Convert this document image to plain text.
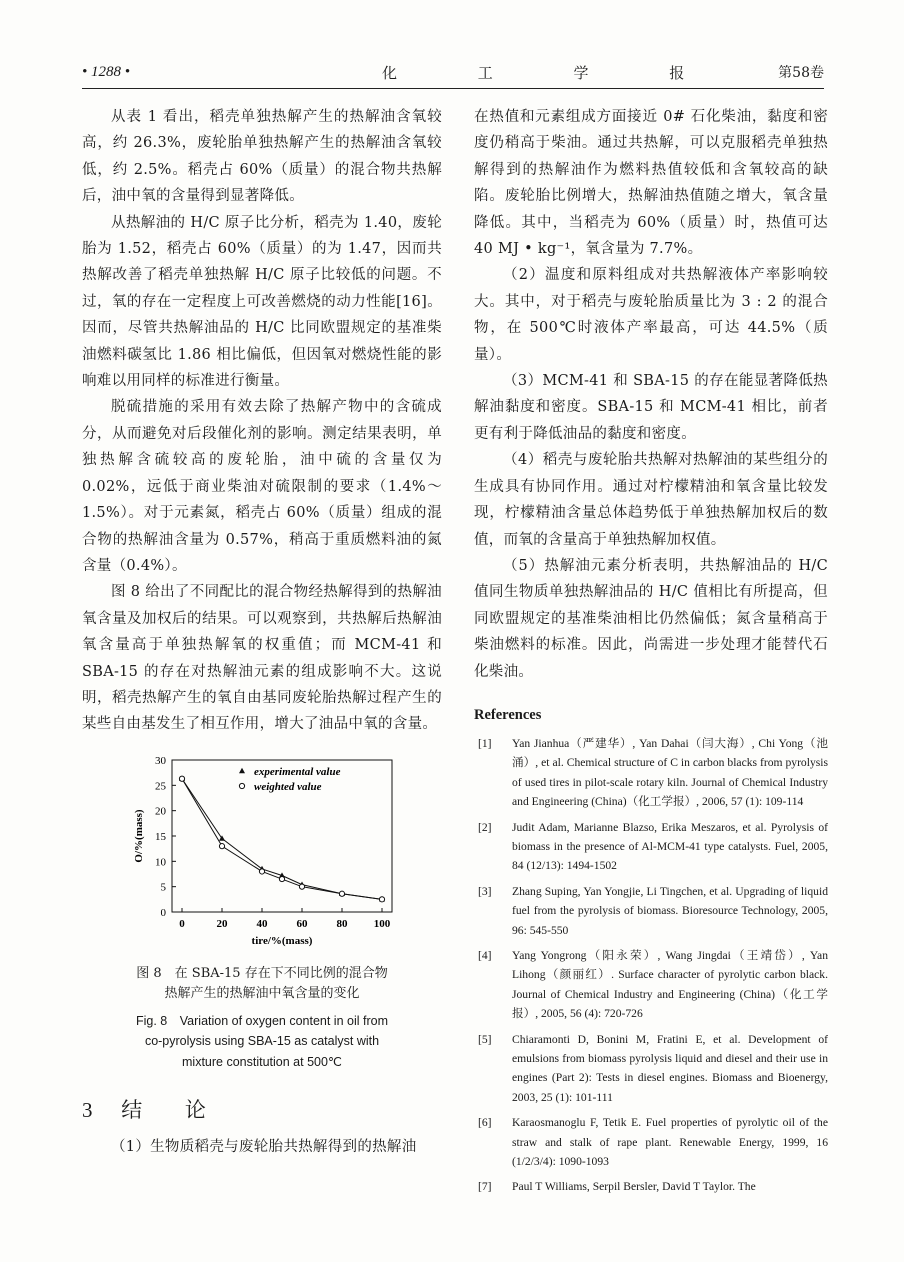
• 1288 •	化 工 学 报	第58卷

从表 1 看出，稻壳单独热解产生的热解油含氧较高，约 26.3%，废轮胎单独热解产生的热解油含氧较低，约 2.5%。稻壳占 60%（质量）的混合物共热解后，油中氧的含量得到显著降低。

从热解油的 H/C 原子比分析，稻壳为 1.40，废轮胎为 1.52，稻壳占 60%（质量）的为 1.47，因而共热解改善了稻壳单独热解 H/C 原子比较低的问题。不过，氧的存在一定程度上可改善燃烧的动力性能[16]。因而，尽管共热解油品的 H/C 比同欧盟规定的基准柴油燃料碳氢比 1.86 相比偏低，但因氧对燃烧性能的影响难以用同样的标准进行衡量。

脱硫措施的采用有效去除了热解产物中的含硫成分，从而避免对后段催化剂的影响。测定结果表明，单独热解含硫较高的废轮胎，油中硫的含量仅为 0.02%，远低于商业柴油对硫限制的要求（1.4%～1.5%）。对于元素氮，稻壳占 60%（质量）组成的混合物的热解油含量为 0.57%，稍高于重质燃料油的氮含量（0.4%）。

图 8 给出了不同配比的混合物经热解得到的热解油氧含量及加权后的结果。可以观察到，共热解后热解油氧含量高于单独热解氧的权重值；而 MCM-41 和 SBA-15 的存在对热解油元素的组成影响不大。这说明，稻壳热解产生的氧自由基同废轮胎热解过程产生的某些自由基发生了相互作用，增大了油品中氧的含量。

0
5
10
15
20
25
30
0	20	40	60	80 100
tire/%(mass)
O/%(mass)
experimental value
weighted value
图 8　在 SBA-15 存在下不同比例的混合物
热解产生的热解油中氧含量的变化
Fig. 8　Variation of oxygen content in oil from
co-pyrolysis using SBA-15 as catalyst with
mixture constitution at 500℃
3 结 论

（1）生物质稻壳与废轮胎共热解得到的热解油

在热值和元素组成方面接近 0# 石化柴油，黏度和密度仍稍高于柴油。通过共热解，可以克服稻壳单独热解得到的热解油作为燃料热值较低和含氧较高的缺陷。废轮胎比例增大，热解油热值随之增大，氧含量降低。其中，当稻壳为 60%（质量）时，热值可达 40 MJ • kg⁻¹，氧含量为 7.7%。

（2）温度和原料组成对共热解液体产率影响较大。其中，对于稻壳与废轮胎质量比为 3 : 2 的混合物，在 500℃时液体产率最高，可达 44.5%（质量）。

（3）MCM-41 和 SBA-15 的存在能显著降低热解油黏度和密度。SBA-15 和 MCM-41 相比，前者更有利于降低油品的黏度和密度。

（4）稻壳与废轮胎共热解对热解油的某些组分的生成具有协同作用。通过对柠檬精油和氧含量比较发现，柠檬精油含量总体趋势低于单独热解加权后的数值，而氧的含量高于单独热解加权值。

（5）热解油元素分析表明，共热解油品的 H/C 值同生物质单独热解油品的 H/C 值相比有所提高，但同欧盟规定的基准柴油相比仍然偏低；氮含量稍高于柴油燃料的标准。因此，尚需进一步处理才能替代石化柴油。

References
[1] Yan Jianhua（严建华）, Yan Dahai（闫大海）, Chi Yong（池涌）, et al. Chemical structure of C in carbon blacks from pyrolysis of used tires in pilot-scale rotary kiln. Journal of Chemical Industry and Engineering (China)（化工学报）, 2006, 57 (1): 109-114
[2] Judit Adam, Marianne Blazso, Erika Meszaros, et al. Pyrolysis of biomass in the presence of Al-MCM-41 type catalysts. Fuel, 2005, 84 (12/13): 1494-1502
[3] Zhang Suping, Yan Yongjie, Li Tingchen, et al. Upgrading of liquid fuel from the pyrolysis of biomass. Bioresource Technology, 2005, 96: 545-550
[4] Yang Yongrong（阳永荣）, Wang Jingdai（王靖岱）, Yan Lihong（颜丽红）. Surface character of pyrolytic carbon black. Journal of Chemical Industry and Engineering (China)（化工学报）, 2005, 56 (4): 720-726
[5] Chiaramonti D, Bonini M, Fratini E, et al. Development of emulsions from biomass pyrolysis liquid and diesel and their use in engines (Part 2): Tests in diesel engines. Biomass and Bioenergy, 2003, 25 (1): 101-111
[6] Karaosmanoglu F, Tetik E. Fuel properties of pyrolytic oil of the straw and stalk of rape plant. Renewable Energy, 1999, 16 (1/2/3/4): 1090-1093
[7] Paul T Williams, Serpil Bersler, David T Taylor. The
